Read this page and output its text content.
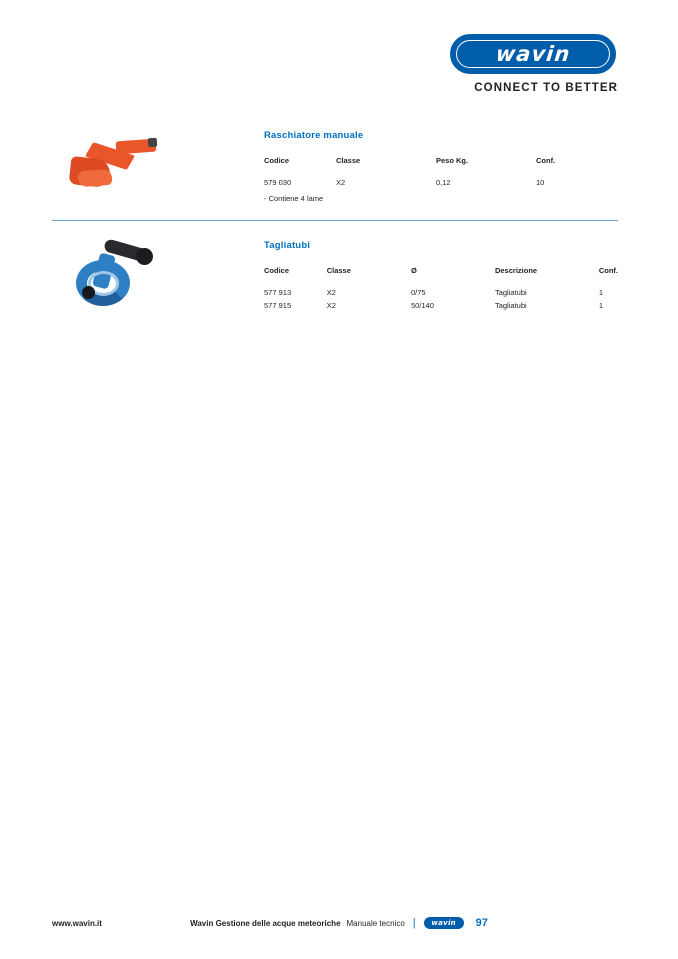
wavin
CONNECT TO BETTER
Raschiatore manuale
Codice	Classe	Peso Kg.	Conf.
579 030	X2	0,12	10
- Contiene 4 lame
Tagliatubi
Codice	Classe	Ø	Descrizione	Conf.
577 913	X2	0/75	Tagliatubi	1
577 915	X2	50/140	Tagliatubi	1
www.wavin.it	Wavin Gestione delle acque meteoriche Manuale tecnico |	wavin	97
